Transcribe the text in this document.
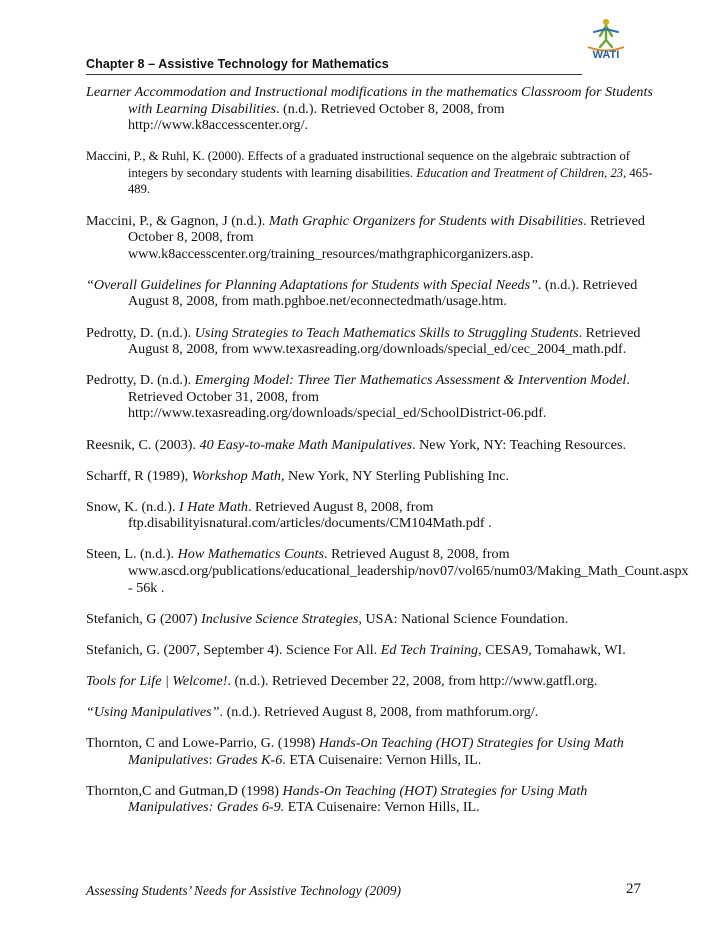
Chapter 8 – Assistive Technology for Mathematics
WATI

Learner Accommodation and Instructional modifications in the mathematics Classroom for Students with Learning Disabilities. (n.d.). Retrieved October 8, 2008, from http://www.k8accesscenter.org/.

Maccini, P., & Ruhl, K. (2000). Effects of a graduated instructional sequence on the algebraic subtraction of integers by secondary students with learning disabilities. Education and Treatment of Children, 23, 465-489.

Maccini, P., & Gagnon, J (n.d.). Math Graphic Organizers for Students with Disabilities. Retrieved October 8, 2008, from www.k8accesscenter.org/training_resources/mathgraphicorganizers.asp.

“Overall Guidelines for Planning Adaptations for Students with Special Needs”. (n.d.). Retrieved August 8, 2008, from math.pghboe.net/econnectedmath/usage.htm.

Pedrotty, D. (n.d.). Using Strategies to Teach Mathematics Skills to Struggling Students. Retrieved August 8, 2008, from www.texasreading.org/downloads/special_ed/cec_2004_math.pdf.

Pedrotty, D. (n.d.). Emerging Model: Three Tier Mathematics Assessment & Intervention Model. Retrieved October 31, 2008, from http://www.texasreading.org/downloads/special_ed/SchoolDistrict-06.pdf.

Reesnik, C. (2003). 40 Easy-to-make Math Manipulatives. New York, NY: Teaching Resources.

Scharff, R (1989), Workshop Math, New York, NY Sterling Publishing Inc.

Snow, K. (n.d.). I Hate Math. Retrieved August 8, 2008, from ftp.disabilityisnatural.com/articles/documents/CM104Math.pdf .

Steen, L. (n.d.). How Mathematics Counts. Retrieved August 8, 2008, from www.ascd.org/publications/educational_leadership/nov07/vol65/num03/Making_Math_Count.aspx - 56k .

Stefanich, G (2007) Inclusive Science Strategies, USA: National Science Foundation.

Stefanich, G. (2007, September 4). Science For All. Ed Tech Training, CESA9, Tomahawk, WI.

Tools for Life | Welcome!. (n.d.). Retrieved December 22, 2008, from http://www.gatfl.org.

“Using Manipulatives”. (n.d.). Retrieved August 8, 2008, from mathforum.org/.

Thornton, C and Lowe-Parrio, G. (1998) Hands-On Teaching (HOT) Strategies for Using Math Manipulatives: Grades K-6. ETA Cuisenaire: Vernon Hills, IL.

Thornton,C and Gutman,D (1998) Hands-On Teaching (HOT) Strategies for Using Math Manipulatives: Grades 6-9. ETA Cuisenaire: Vernon Hills, IL.

Assessing Students’ Needs for Assistive Technology (2009)	27
